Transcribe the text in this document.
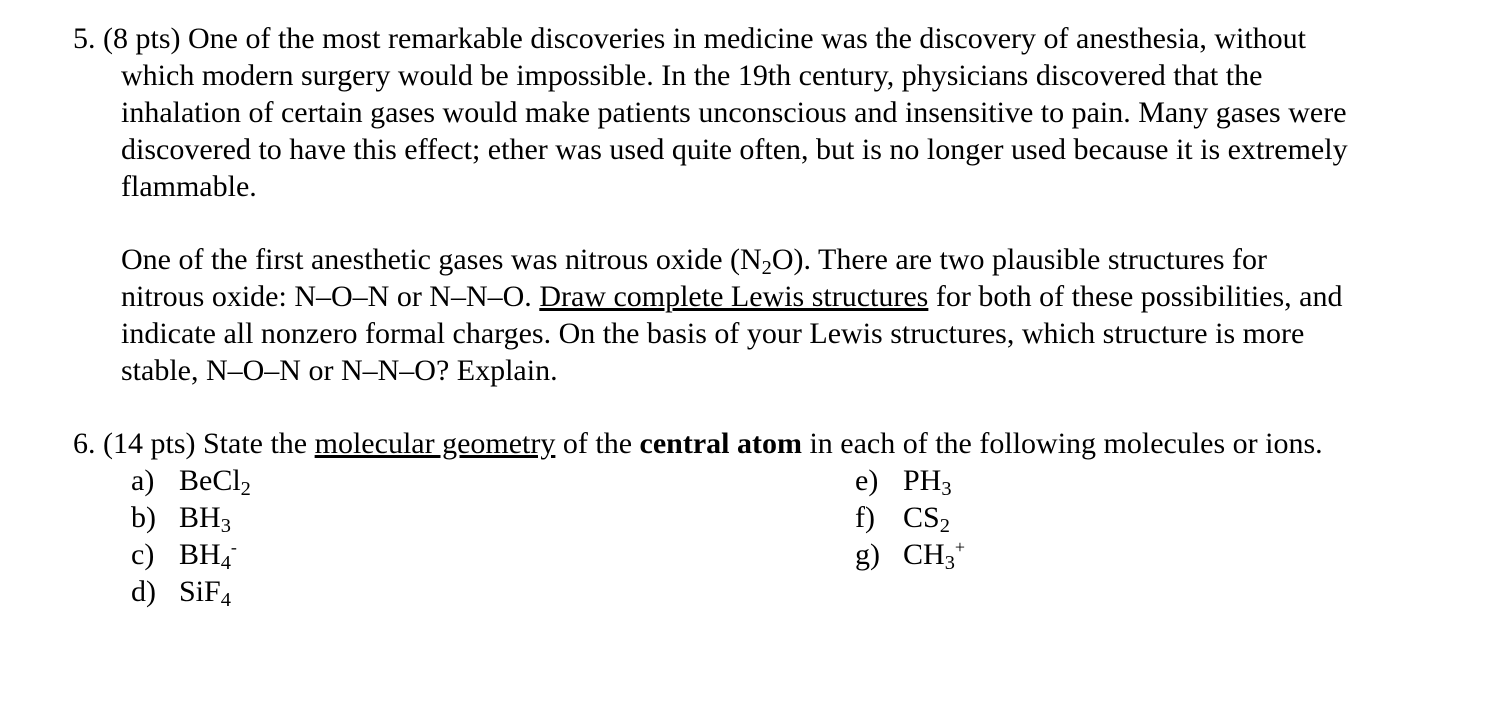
5. (8 pts) One of the most remarkable discoveries in medicine was the discovery of anesthesia, without
which modern surgery would be impossible. In the 19th century, physicians discovered that the
inhalation of certain gases would make patients unconscious and insensitive to pain. Many gases were
discovered to have this effect; ether was used quite often, but is no longer used because it is extremely
flammable.
One of the first anesthetic gases was nitrous oxide $(N_2O)$. There are two plausible structures for
nitrous oxide: N–O–N or N–N–O. Draw complete Lewis structures for both of these possibilities, and
indicate all nonzero formal charges. On the basis of your Lewis structures, which structure is more
stable, N–O–N or N–N–O? Explain.
6. (14 pts) State the molecular geometry of the central atom in each of the following molecules or ions.
a) BeCl$_2$
b) $BH_3$
c) $BH_4^-$
d) SiF$_4$
e) $PH_3$
f) $CS_2$
g) $CH_3^+$
